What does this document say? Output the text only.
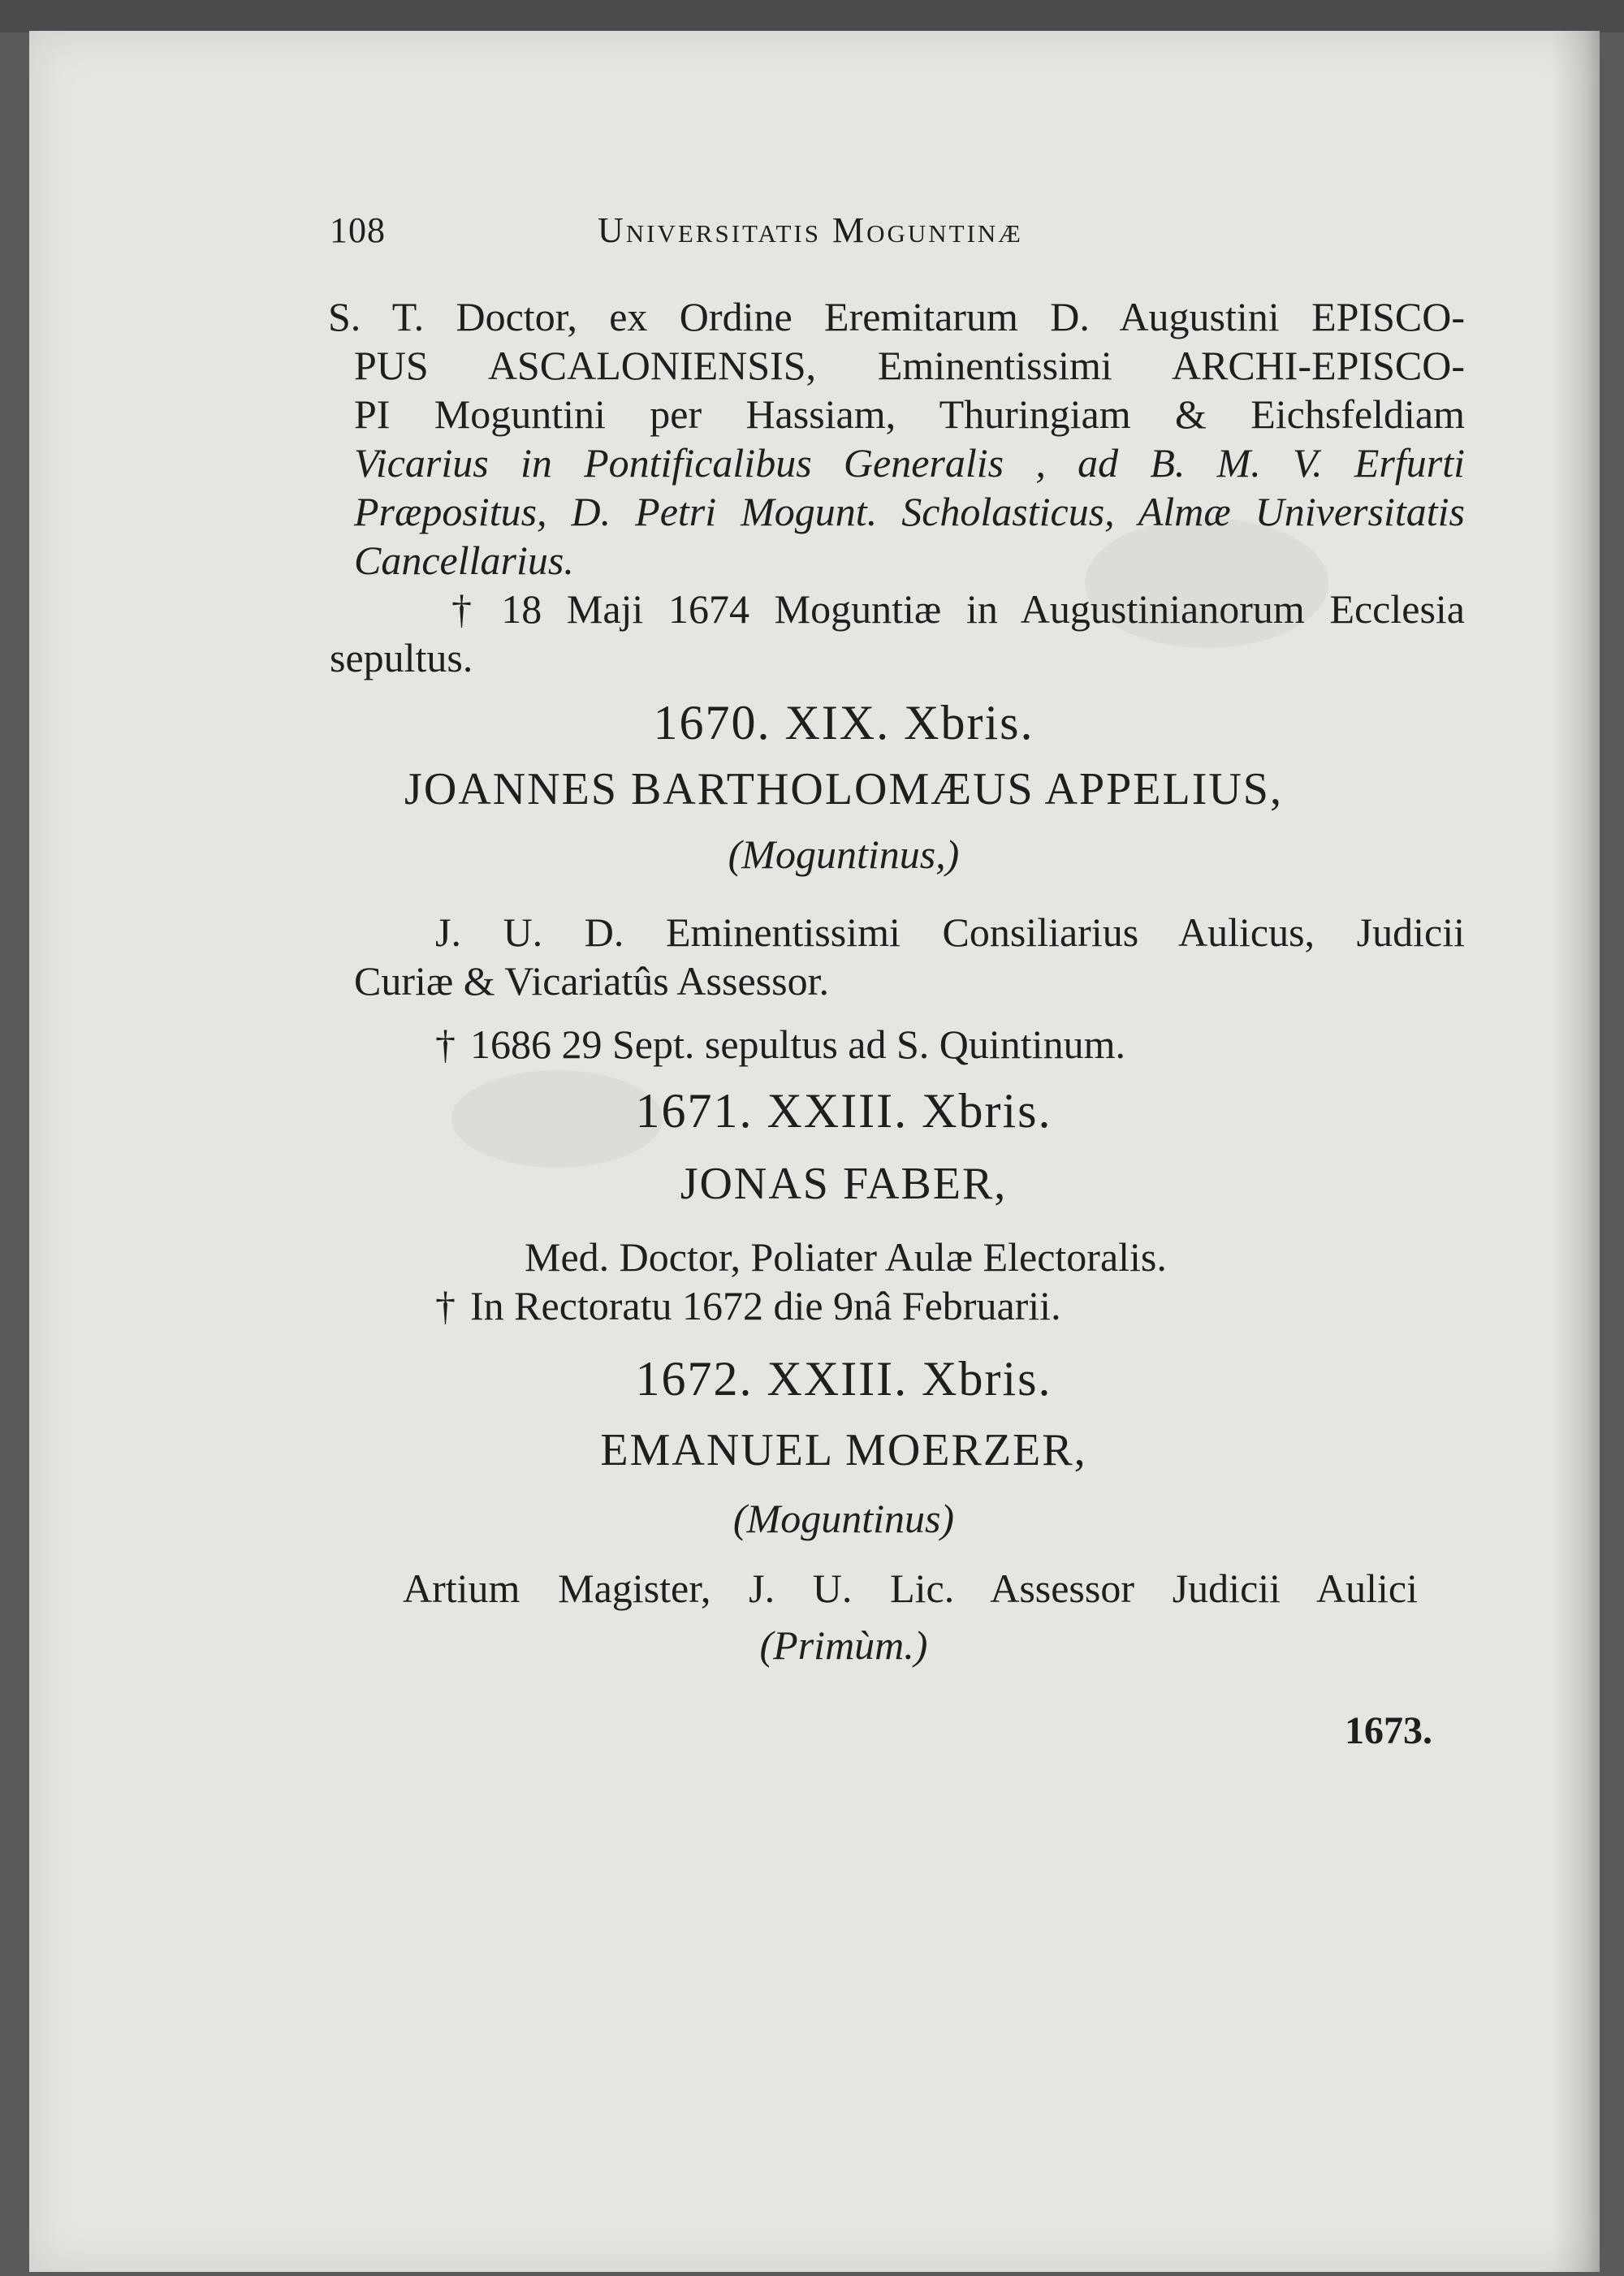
108	Universitatis Moguntinæ
S. T. Doctor, ex Ordine Eremitarum D. Augustini EPISCO-
PUS ASCALONIENSIS, Eminentissimi ARCHI-EPISCO-
PI Moguntini per Hassiam, Thuringiam & Eichsfeldiam
Vicarius in Pontificalibus Generalis , ad B. M. V. Erfurti
Præpositus, D. Petri Mogunt. Scholasticus, Almæ Universitatis
Cancellarius.
† 18 Maji 1674 Moguntiæ in Augustinianorum Ecclesia
sepultus.
1670. XIX. Xbris.
JOANNES BARTHOLOMÆUS APPELIUS,
(Moguntinus,)
J. U. D. Eminentissimi Consiliarius Aulicus, Judicii
Curiæ & Vicariatûs Assessor.
† 1686 29 Sept. sepultus ad S. Quintinum.
1671. XXIII. Xbris.
JONAS FABER,
Med. Doctor, Poliater Aulæ Electoralis.
† In Rectoratu 1672 die 9nâ Februarii.
1672. XXIII. Xbris.
EMANUEL MOERZER,
(Moguntinus)
Artium Magister, J. U. Lic. Assessor Judicii Aulici
(Primùm.)
1673.
